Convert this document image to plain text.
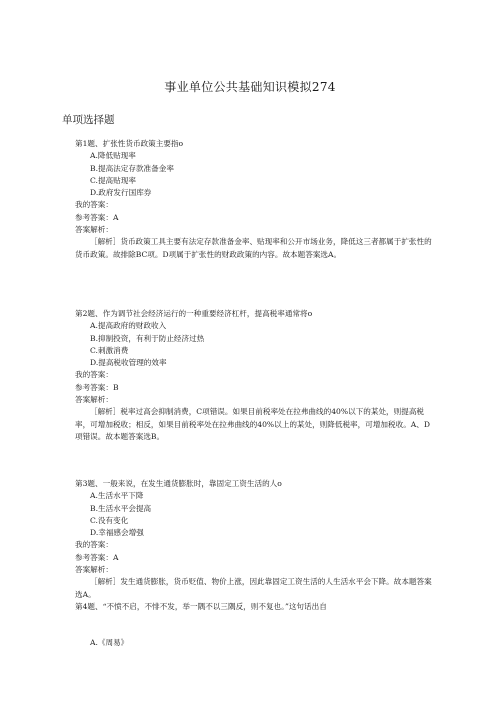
事业单位公共基础知识模拟274
单项选择题
第1题、扩张性货币政策主要指o
A.降低贴现率
B.提高法定存款准备金率
C.提高贴现率
D.政府发行国库券
我的答案：
参考答案：A
答案解析：
［解析］货币政策工具主要有法定存款准备金率、贴现率和公开市场业务，降低这三者都属于扩张性的货币政策。故排除BC项。D项属于扩张性的财政政策的内容。故本题答案选A。
第2题、作为调节社会经济运行的一种重要经济杠杆，提高税率通常将o
A.提高政府的财政收入
B.抑制投资，有利于防止经济过热
C.刺激消费
D.提高税收管理的效率
我的答案：
参考答案：B
答案解析：
［解析］税率过高会抑制消费，C项错误。如果目前税率处在拉弗曲线的40%以下的某处，则提高税率，可增加税收；相反，如果目前税率处在拉弗曲线的40%以上的某处，则降低税率，可增加税收。A、D项错误。故本题答案选B。
第3题、一般来说，在发生通货膨胀时，靠固定工资生活的人o
A.生活水平下降
B.生活水平会提高
C.没有变化
D.幸福感会增强
我的答案：
参考答案：A
答案解析：
［解析］发生通货膨胀，货币贬值、物价上涨，因此靠固定工资生活的人生活水平会下降。故本题答案选A。
第4题、“不愤不启，不悱不发，举一隅不以三隅反，则不复也。”这句话出自
A.《周易》
